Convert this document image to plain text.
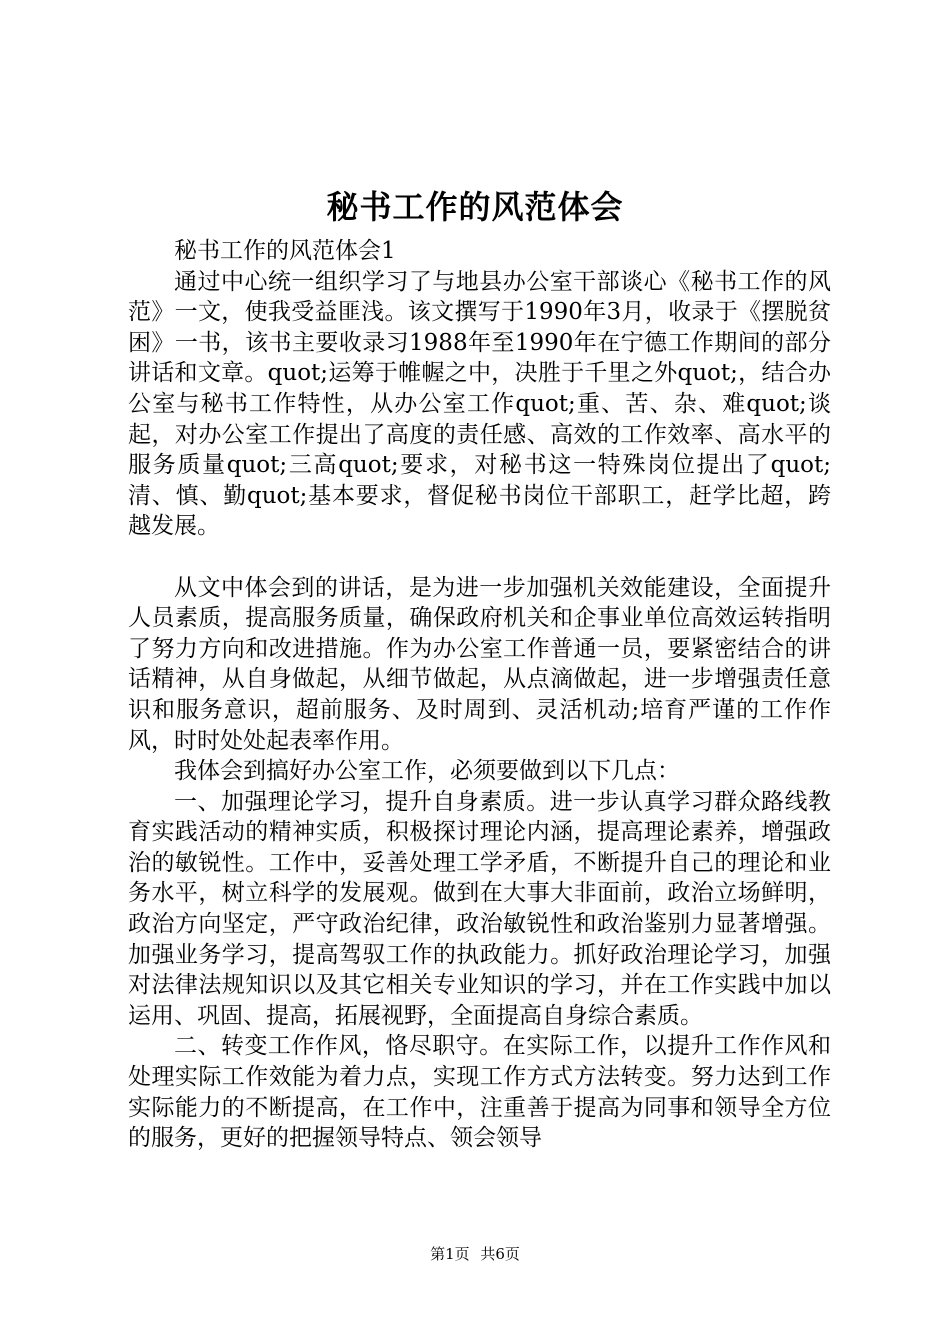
秘书工作的风范体会

秘书工作的风范体会1

通过中心统一组织学习了与地县办公室干部谈心《秘书工作的风范》一文，使我受益匪浅。该文撰写于1990年3月，收录于《摆脱贫困》一书，该书主要收录习1988年至1990年在宁德工作期间的部分讲话和文章。quot;运筹于帷幄之中，决胜于千里之外quot;，结合办公室与秘书工作特性，从办公室工作quot;重、苦、杂、难quot;谈起，对办公室工作提出了高度的责任感、高效的工作效率、高水平的服务质量quot;三高quot;要求，对秘书这一特殊岗位提出了quot;清、慎、勤quot;基本要求，督促秘书岗位干部职工，赶学比超，跨越发展。

从文中体会到的讲话，是为进一步加强机关效能建设，全面提升人员素质，提高服务质量，确保政府机关和企事业单位高效运转指明了努力方向和改进措施。作为办公室工作普通一员，要紧密结合的讲话精神，从自身做起，从细节做起，从点滴做起，进一步增强责任意识和服务意识，超前服务、及时周到、灵活机动;培育严谨的工作作风，时时处处起表率作用。

我体会到搞好办公室工作，必须要做到以下几点：

一、加强理论学习，提升自身素质。进一步认真学习群众路线教育实践活动的精神实质，积极探讨理论内涵，提高理论素养，增强政治的敏锐性。工作中，妥善处理工学矛盾，不断提升自己的理论和业务水平，树立科学的发展观。做到在大事大非面前，政治立场鲜明，政治方向坚定，严守政治纪律，政治敏锐性和政治鉴别力显著增强。加强业务学习，提高驾驭工作的执政能力。抓好政治理论学习，加强对法律法规知识以及其它相关专业知识的学习，并在工作实践中加以运用、巩固、提高，拓展视野，全面提高自身综合素质。

二、转变工作作风，恪尽职守。在实际工作，以提升工作作风和处理实际工作效能为着力点，实现工作方式方法转变。努力达到工作实际能力的不断提高，在工作中，注重善于提高为同事和领导全方位的服务，更好的把握领导特点、领会领导

第1页 共6页
